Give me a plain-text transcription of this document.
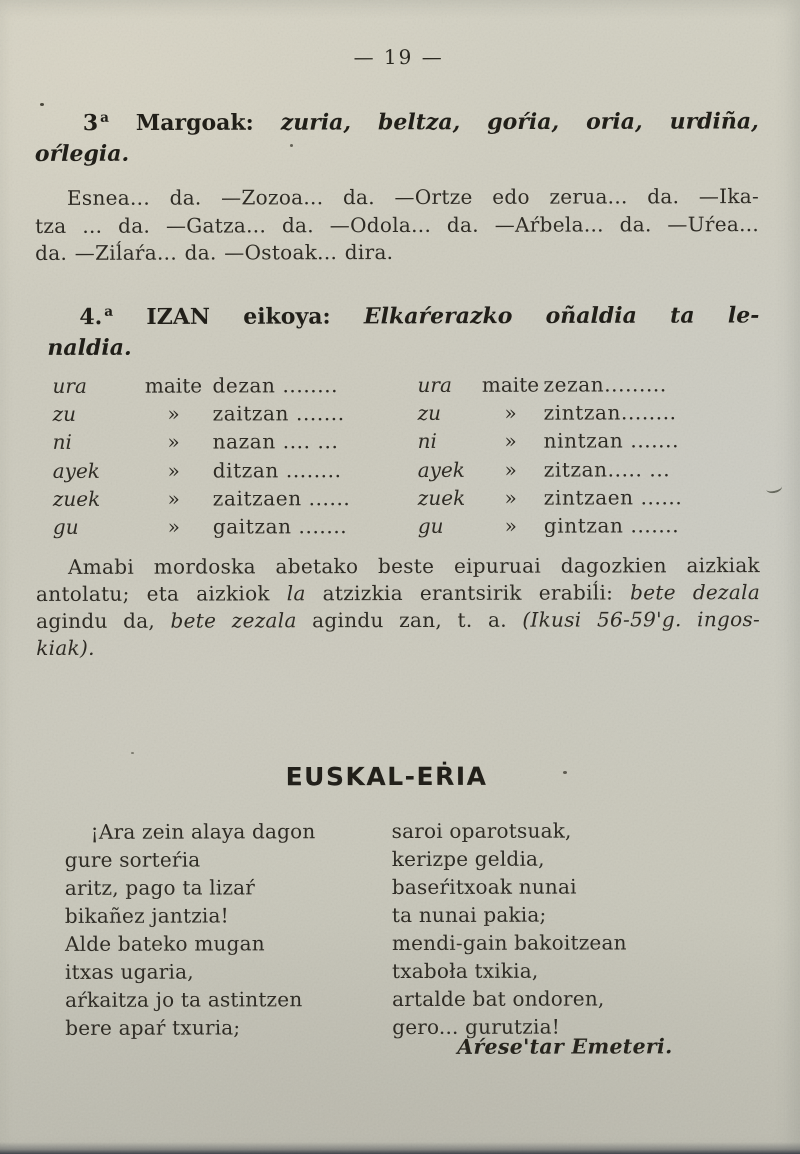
— 19 —
3 $^a$ Margoak: zuria, beltza, goŕia, oria, urdiña,
oŕlegia.
Esnea... da. —Zozoa... da. —Ortze edo zerua... da. —Ika-
tza ... da. —Gatza... da. —Odola... da. —Aŕbela... da. —Uŕea...
da. —Ziĺaŕa... da. —Ostoak... dira.
4. $^a$ IZAN eikoya: Elkaŕerazko oñaldia ta le-
naldia.
ura	maite dezan ........	ura	maite zezan.........
zu	»	zaitzan .......	zu	»	zintzan........
ni	»	nazan .... ...	ni	»	nintzan .......
ayek	»	ditzan ........	ayek	»	zitzan..... ...
zuek	»	zaitzaen ......	zuek	»	zintzaen ......
gu	»	gaitzan .......	gu	»	gintzan .......
Amabi mordoska abetako beste eipuruai dagozkien aizkiak
antolatu; eta aizkiok la atzizkia erantsirik erabiĺi: bete dezala
agindu da, bete zezala agindu zan, t. a. (Ikusi 56-59'g. ingos-
kiak).
EUSKAL-EṘIA
¡Ara zein alaya dagon
gure sorteŕia
aritz, pago ta lizaŕ
bikañez jantzia!
Alde bateko mugan
itxas ugaria,
aŕkaitza jo ta astintzen
bere apaŕ txuria;
saroi oparotsuak,
kerizpe geldia,
baseŕitxoak nunai
ta nunai pakia;
mendi-gain bakoitzean
txaboła txikia,
artalde bat ondoren,
gero... gurutzia!
Aŕese'tar Emeteri.
